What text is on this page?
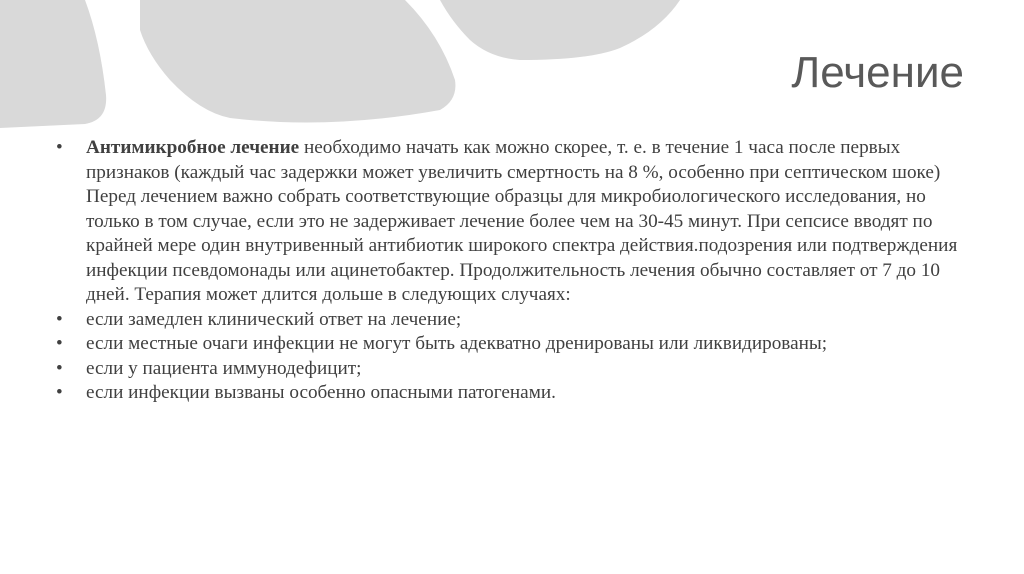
Лечение
• Антимикробное лечение необходимо начать как можно скорее, т. е. в течение 1 часа после первых признаков (каждый час задержки может увеличить смертность на 8 %, особенно при септическом шоке) Перед лечением важно собрать соответствующие образцы для микробиологического исследования, но только в том случае, если это не задерживает лечение более чем на 30-45 минут. При сепсисе вводят по крайней мере один внутривенный антибиотик широкого спектра действия.подозрения или подтверждения инфекции псевдомонады или ацинетобактер. Продолжительность лечения обычно составляет от 7 до 10 дней. Терапия может длится дольше в следующих случаях:
• если замедлен клинический ответ на лечение;
• если местные очаги инфекции не могут быть адекватно дренированы или ликвидированы;
• если у пациента иммунодефицит;
• если инфекции вызваны особенно опасными патогенами.
